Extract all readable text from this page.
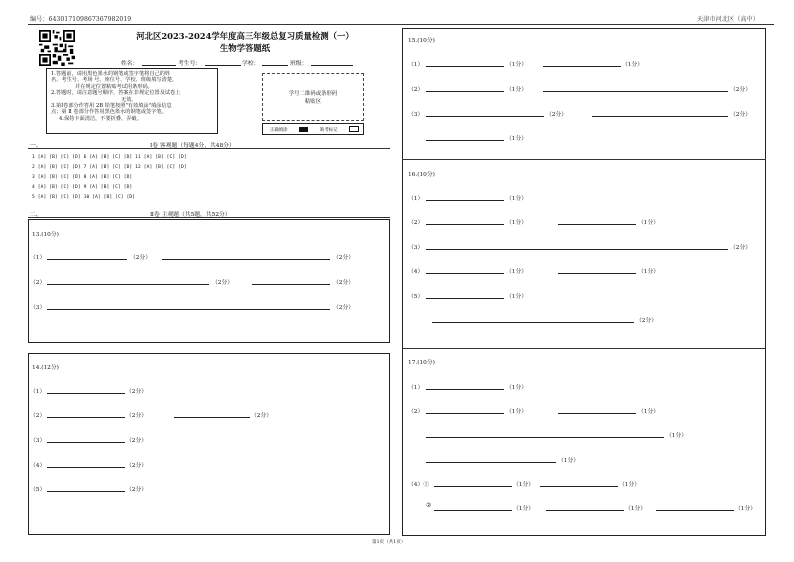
编号：6430171098673679820​19	天津市河北区（高中）
河北区2023-2024学年度高三年级总复习质量检测（一）
生物学答题纸
姓名：	考生号：	学校：	班级：
1.答题前，请用黑色墨水的钢笔或签字笔将自己的姓
名、考生号、考场 号、座位号、学校、班级填写清楚，
并在规定位置粘贴考试用条形码。
2.答题时，请注意题号顺序，答案在非规定位置及试卷上
无效。
3.第Ⅰ卷部分作答用 2B 铅笔按照"有效填涂"填涂信息
点；第 Ⅱ 卷部分作答用黑色墨水的钢笔或签字笔。
4.保持卡面清洁，不要折叠、弄破。
学号二维码或条形码
粘贴区
正确填涂	缺考标记
一、	Ⅰ卷 客观题（每题4分，共48分）
1 [A] [B] [C] [D] 6 [A] [B] [C] [D] 11 [A] [B] [C] [D]
2 [A] [B] [C] [D] 7 [A] [B] [C] [D] 12 [A] [B] [C] [D]
3 [A] [B] [C] [D] 8 [A] [B] [C] [D]
4 [A] [B] [C] [D] 9 [A] [B] [C] [D]
5 [A] [B] [C] [D] 10 [A] [B] [C] [D]
二、	Ⅱ卷 主观题（共5题，共52分）
13.(10分)
（1）	（2分）	（2分）
（2）	（2分）	（2分）
（3）	（2分）
14.(12分)
（1）	（2分）
（2）	（2分）	（2分）
（3）	（2分）
（4）	（2分）
（5）	（2分）
15.(10分)
（1）	（1分）	（1分）
（2）	（1分）	（2分）
（3）	（2分）	（2分）
（1分）
16.(10分)
（1）	（1分）
（2）	（1分）	（1分）
（3）	（2分）
（4）	（1分）	（1分）
（5）	（1分）
（2分）
17.(10分)
（1）	（1分）
（2）	（1分）	（1分）
（1分）
（1分）
（4）①	（1分）	（1分）
②	（1分）	（1分）	（1分）
第1页（共1页）
